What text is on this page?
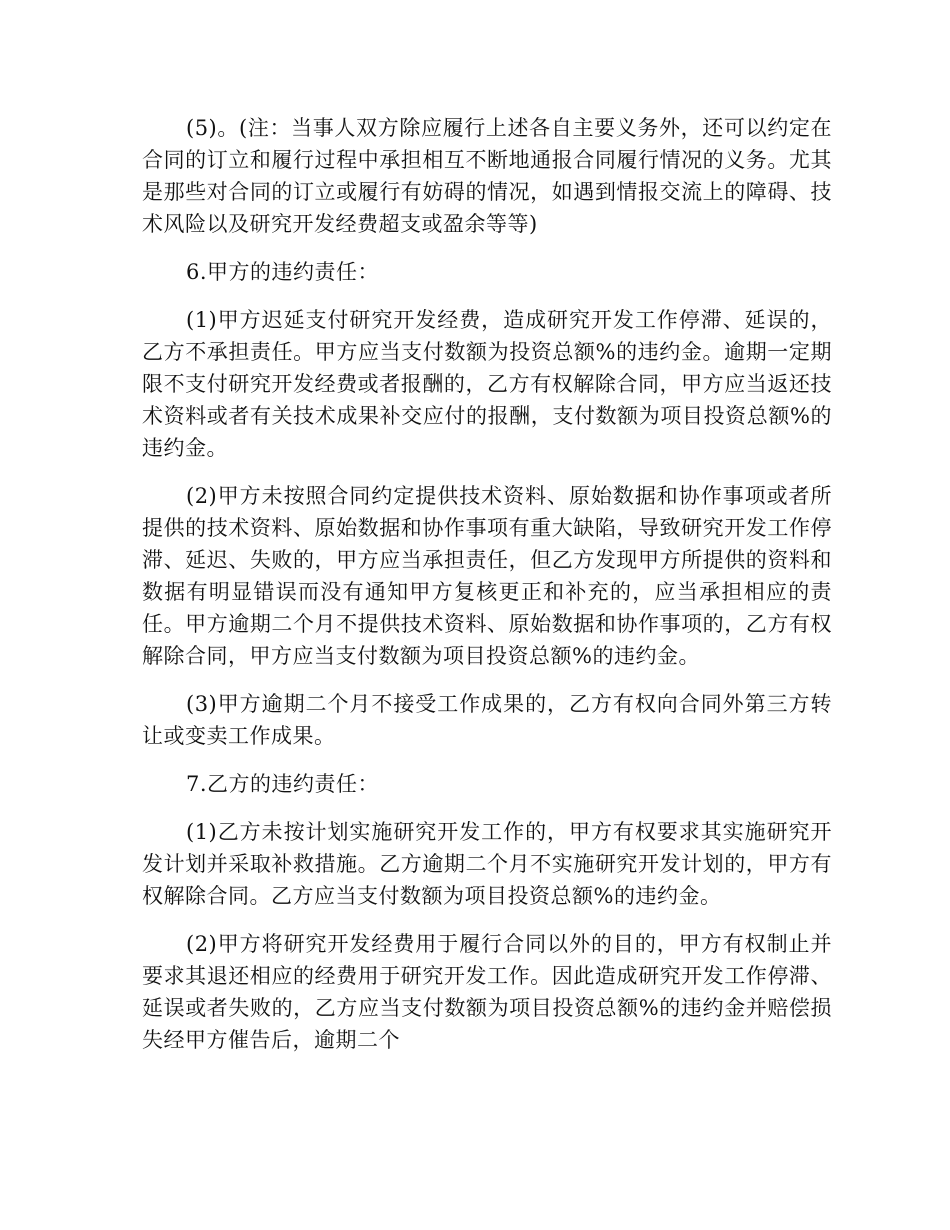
(5)。(注：当事人双方除应履行上述各自主要义务外，还可以约定在合同的订立和履行过程中承担相互不断地通报合同履行情况的义务。尤其是那些对合同的订立或履行有妨碍的情况，如遇到情报交流上的障碍、技术风险以及研究开发经费超支或盈余等等)

6.甲方的违约责任：

(1)甲方迟延支付研究开发经费，造成研究开发工作停滞、延误的，乙方不承担责任。甲方应当支付数额为投资总额%的违约金。逾期一定期限不支付研究开发经费或者报酬的，乙方有权解除合同，甲方应当返还技术资料或者有关技术成果补交应付的报酬，支付数额为项目投资总额%的违约金。

(2)甲方未按照合同约定提供技术资料、原始数据和协作事项或者所提供的技术资料、原始数据和协作事项有重大缺陷，导致研究开发工作停滞、延迟、失败的，甲方应当承担责任，但乙方发现甲方所提供的资料和数据有明显错误而没有通知甲方复核更正和补充的，应当承担相应的责任。甲方逾期二个月不提供技术资料、原始数据和协作事项的，乙方有权解除合同，甲方应当支付数额为项目投资总额%的违约金。

(3)甲方逾期二个月不接受工作成果的，乙方有权向合同外第三方转让或变卖工作成果。

7.乙方的违约责任：

(1)乙方未按计划实施研究开发工作的，甲方有权要求其实施研究开发计划并采取补救措施。乙方逾期二个月不实施研究开发计划的，甲方有权解除合同。乙方应当支付数额为项目投资总额%的违约金。

(2)甲方将研究开发经费用于履行合同以外的目的，甲方有权制止并要求其退还相应的经费用于研究开发工作。因此造成研究开发工作停滞、延误或者失败的，乙方应当支付数额为项目投资总额%的违约金并赔偿损失经甲方催告后，逾期二个
